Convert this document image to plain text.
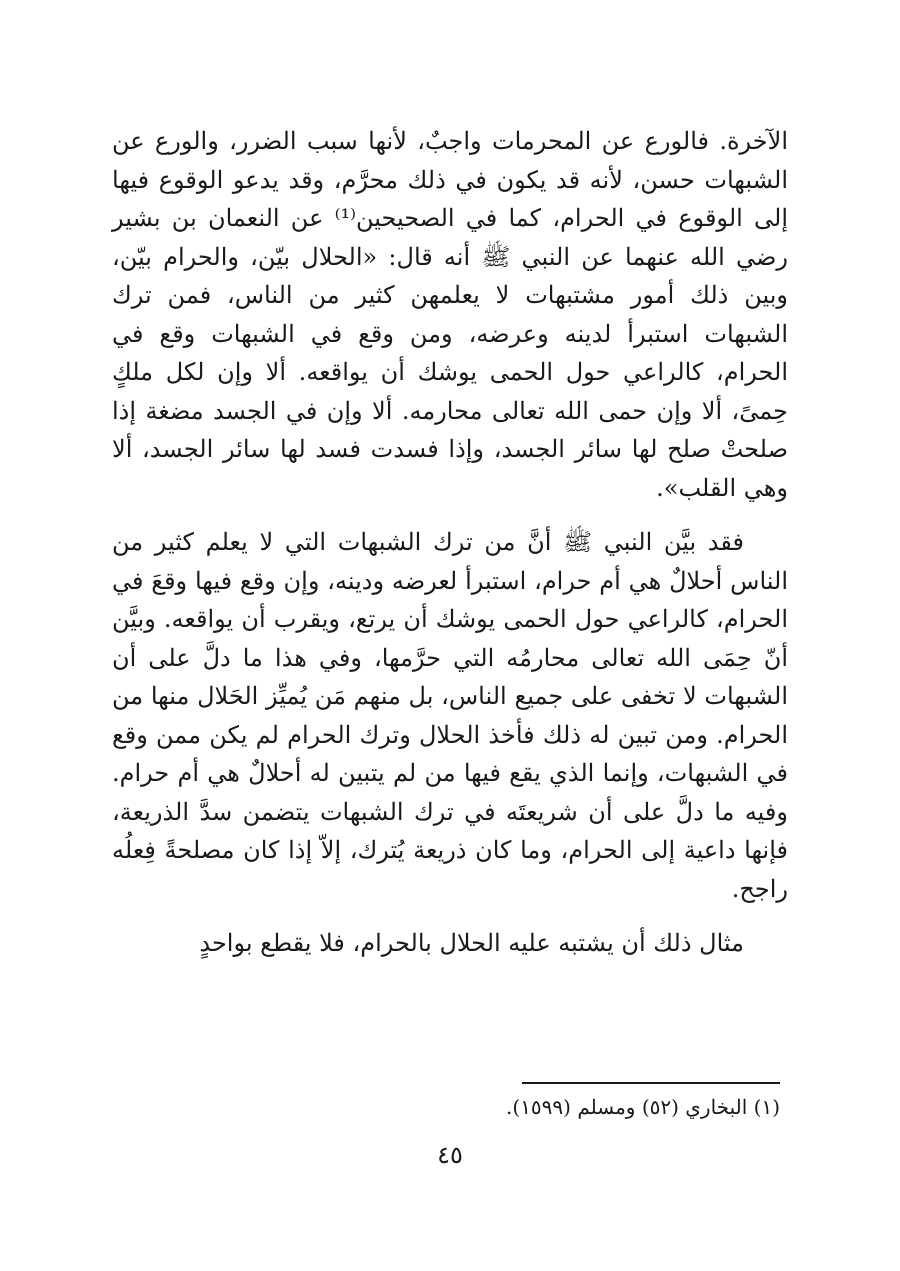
الآخرة. فالورع عن المحرمات واجبٌ، لأنها سبب الضرر، والورع عن الشبهات حسن، لأنه قد يكون في ذلك محرَّم، وقد يدعو الوقوع فيها إلى الوقوع في الحرام، كما في الصحيحين⁽¹⁾ عن النعمان بن بشير رضي الله عنهما عن النبي ﷺ أنه قال: «الحلال بيّن، والحرام بيّن، وبين ذلك أمور مشتبهات لا يعلمهن كثير من الناس، فمن ترك الشبهات استبرأ لدينه وعرضه، ومن وقع في الشبهات وقع في الحرام، كالراعي حول الحمى يوشك أن يواقعه. ألا وإن لكل ملكٍ حِمىً، ألا وإن حمى الله تعالى محارمه. ألا وإن في الجسد مضغة إذا صلحتْ صلح لها سائر الجسد، وإذا فسدت فسد لها سائر الجسد، ألا وهي القلب».

فقد بيَّن النبي ﷺ أنَّ من ترك الشبهات التي لا يعلم كثير من الناس أحلالٌ هي أم حرام، استبرأ لعرضه ودينه، وإن وقع فيها وقعَ في الحرام، كالراعي حول الحمى يوشك أن يرتع، ويقرب أن يواقعه. وبيَّن أنّ حِمَى الله تعالى محارمُه التي حرَّمها، وفي هذا ما دلَّ على أن الشبهات لا تخفى على جميع الناس، بل منهم مَن يُميِّز الحَلال منها من الحرام. ومن تبين له ذلك فأخذ الحلال وترك الحرام لم يكن ممن وقع في الشبهات، وإنما الذي يقع فيها من لم يتبين له أحلالٌ هي أم حرام. وفيه ما دلَّ على أن شريعتَه في ترك الشبهات يتضمن سدَّ الذريعة، فإنها داعية إلى الحرام، وما كان ذريعة يُترك، إلاّ إذا كان مصلحةً فِعلُه راجح.

مثال ذلك أن يشتبه عليه الحلال بالحرام، فلا يقطع بواحدٍ

(١) البخاري (٥٢) ومسلم (١٥٩٩).

٤٥
